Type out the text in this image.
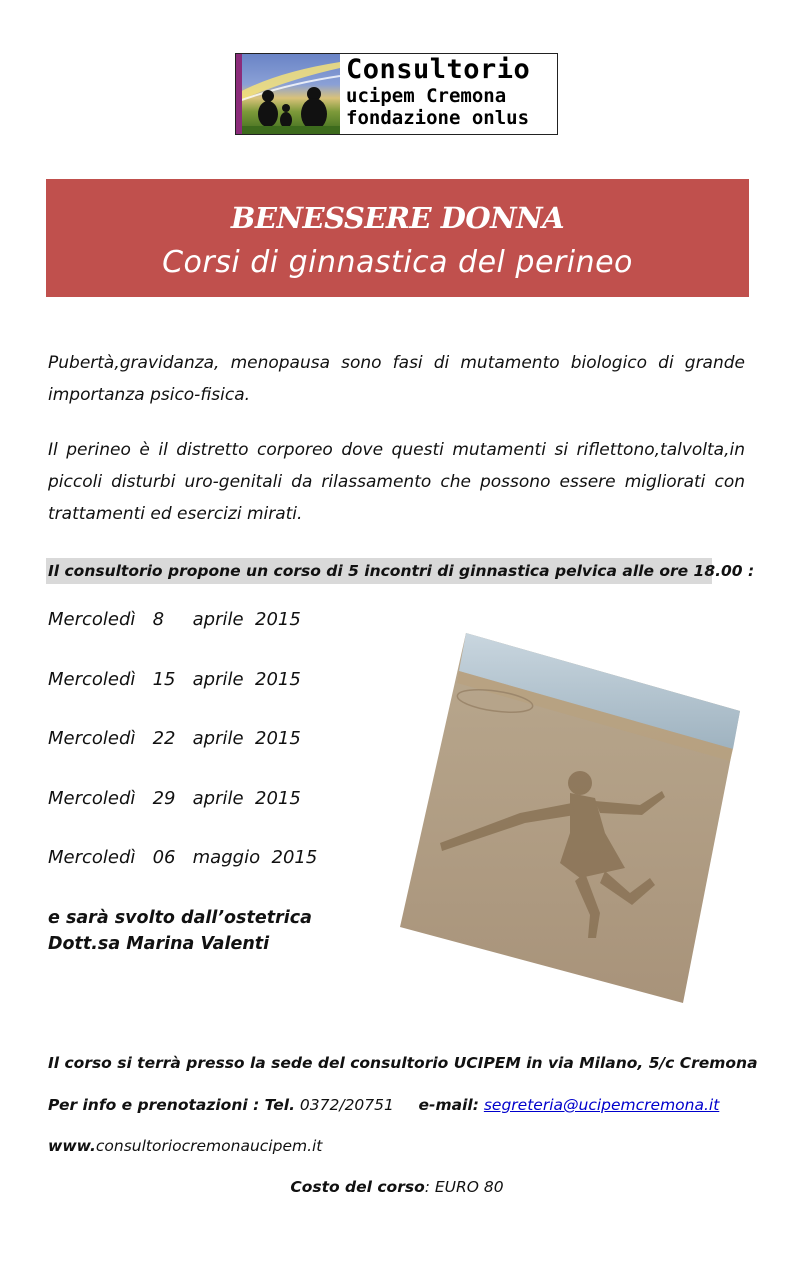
Consultorio
ucipem Cremona
fondazione onlus
BENESSERE DONNA
Corsi di ginnastica del perineo
Pubertà,gravidanza, menopausa sono fasi di mutamento biologico di grande importanza psico-fisica.
Il perineo è il distretto corporeo dove questi mutamenti si riflettono,talvolta,in piccoli disturbi uro-genitali da rilassamento che possono essere migliorati con trattamenti ed esercizi mirati.
Il consultorio propone un corso di 5 incontri di ginnastica pelvica alle ore 18.00 :
Mercoledì   8     aprile  2015
Mercoledì   15   aprile  2015
Mercoledì   22   aprile  2015
Mercoledì   29   aprile  2015
Mercoledì   06   maggio  2015
e sarà svolto dall’ostetrica
Dott.sa Marina Valenti
Il corso si terrà presso la sede del consultorio UCIPEM in via Milano, 5/c Cremona
Per info e prenotazioni : Tel. 0372/20751 e-mail: segreteria@ucipemcremona.it
www.consultoriocremonaucipem.it
Costo del corso: EURO 80
